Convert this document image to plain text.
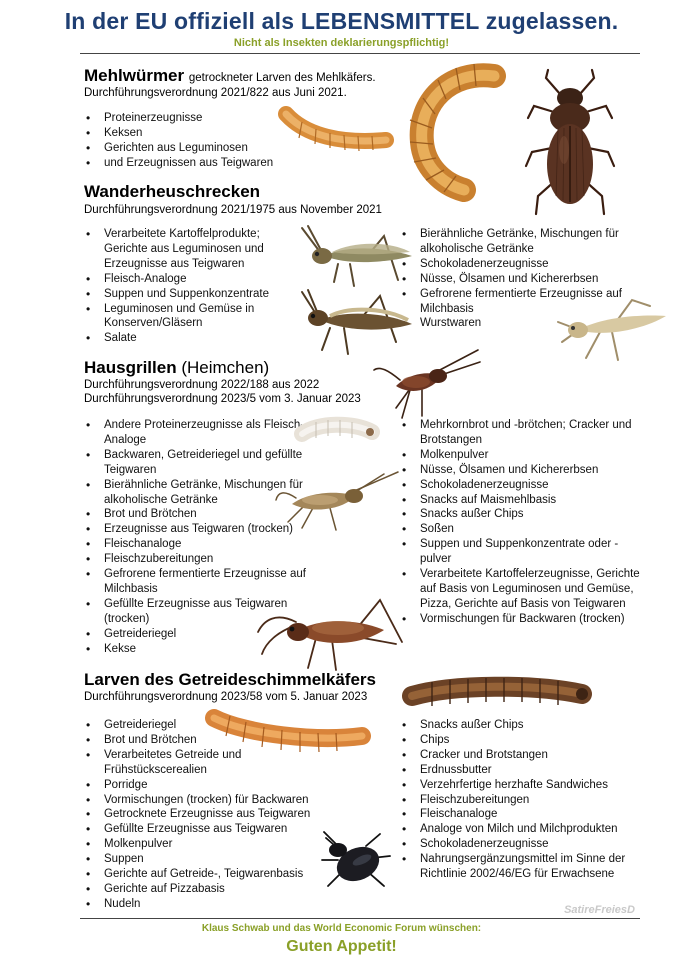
In der EU offiziell als LEBENSMITTEL zugelassen.
Nicht als Insekten deklarierungspflichtig!
Mehlwürmer getrockneter Larven des Mehlkäfers.
Durchführungsverordnung 2021/822 aus Juni 2021.
• Proteinerzeugnisse
• Keksen
• Gerichten aus Leguminosen
• und Erzeugnissen aus Teigwaren
Wanderheuschrecken
Durchführungsverordnung 2021/1975 aus November 2021
• Verarbeitete Kartoffelprodukte; Gerichte aus Leguminosen und Erzeugnisse aus Teigwaren
• Fleisch-Analoge
• Suppen und Suppenkonzentrate
• Leguminosen und Gemüse in Konserven/Gläsern
• Salate
• Bierähnliche Getränke, Mischungen für alkoholische Getränke
• Schokoladenerzeugnisse
• Nüsse, Ölsamen und Kichererbsen
• Gefrorene fermentierte Erzeugnisse auf Milchbasis
• Wurstwaren
Hausgrillen (Heimchen)
Durchführungsverordnung 2022/188 aus 2022
Durchführungsverordnung 2023/5 vom 3. Januar 2023
• Andere Proteinerzeugnisse als Fleisch-Analoge
• Backwaren, Getreideriegel und gefüllte Teigwaren
• Bierähnliche Getränke, Mischungen für alkoholische Getränke
• Brot und Brötchen
• Erzeugnisse aus Teigwaren (trocken)
• Fleischanaloge
• Fleischzubereitungen
• Gefrorene fermentierte Erzeugnisse auf Milchbasis
• Gefüllte Erzeugnisse aus Teigwaren (trocken)
• Getreideriegel
• Kekse
• Mehrkornbrot und -brötchen; Cracker und Brotstangen
• Molkenpulver
• Nüsse, Ölsamen und Kichererbsen
• Schokoladenerzeugnisse
• Snacks auf Maismehlbasis
• Snacks außer Chips
• Soßen
• Suppen und Suppenkonzentrate oder -pulver
• Verarbeitete Kartoffelerzeugnisse, Gerichte auf Basis von Leguminosen und Gemüse, Pizza, Gerichte auf Basis von Teigwaren
• Vormischungen für Backwaren (trocken)
Larven des Getreideschimmelkäfers
Durchführungsverordnung 2023/58 vom 5. Januar 2023
• Getreideriegel
• Brot und Brötchen
• Verarbeitetes Getreide und Frühstückscerealien
• Porridge
• Vormischungen (trocken) für Backwaren
• Getrocknete Erzeugnisse aus Teigwaren
• Gefüllte Erzeugnisse aus Teigwaren
• Molkenpulver
• Suppen
• Gerichte auf Getreide-, Teigwarenbasis
• Gerichte auf Pizzabasis
• Nudeln
• Snacks außer Chips
• Chips
• Cracker und Brotstangen
• Erdnussbutter
• Verzehrfertige herzhafte Sandwiches
• Fleischzubereitungen
• Fleischanaloge
• Analoge von Milch und Milchprodukten
• Schokoladenerzeugnisse
• Nahrungsergänzungsmittel im Sinne der Richtlinie 2002/46/EG für Erwachsene
SatireFreiesD
Klaus Schwab und das World Economic Forum wünschen:
Guten Appetit!
